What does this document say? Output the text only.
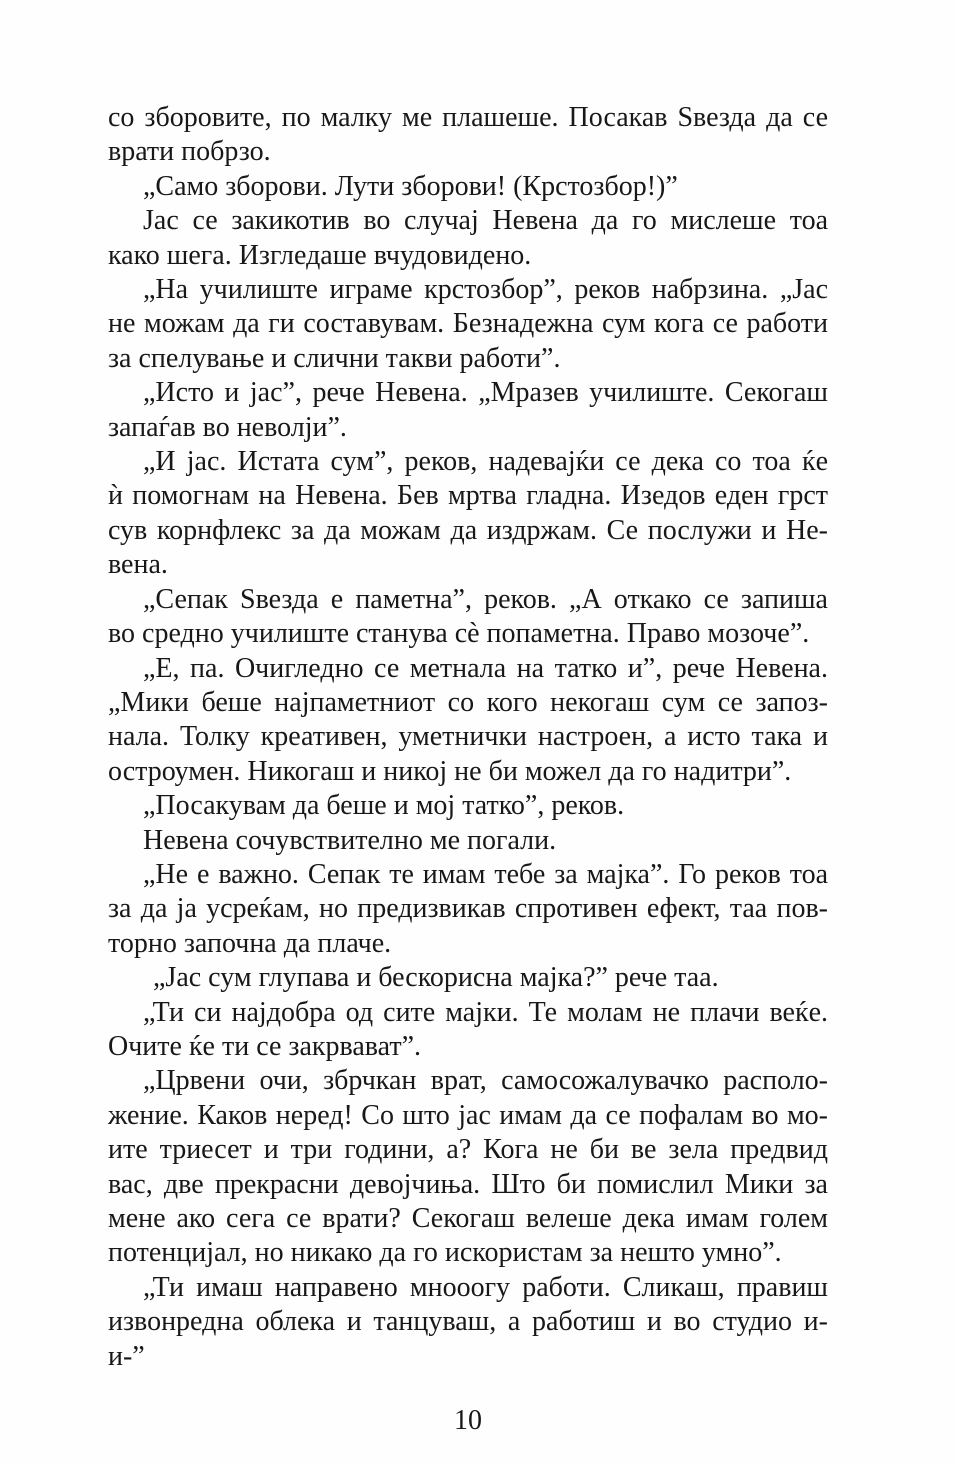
со зборовите, по малку ме плашеше. Посакав Ѕвезда да се
врати побрзо.
„Само зборови. Лути зборови! (Крстозбор!)”
Јас се закикотив во случај Невена да го мислеше тоа
како шега. Изгледаше вчудовидено.
„На училиште играме крстозбор”, реков набрзина. „Јас
не можам да ги составувам. Безнадежна сум кога се работи
за спелување и слични такви работи”.
„Исто и јас”, рече Невена. „Мразев училиште. Секогаш
запаѓав во неволји”.
„И јас. Истата сум”, реков, надевајќи се дека со тоа ќе
ѝ помогнам на Невена. Бев мртва гладна. Изедов еден грст
сув корнфлекс за да можам да издржам. Се послужи и Не-
вена.
„Сепак Ѕвезда е паметна”, реков. „А откако се запиша
во средно училиште станува сè попаметна. Право мозоче”.
„Е, па. Очигледно се метнала на татко и”, рече Невена.
„Мики беше најпаметниот со кого некогаш сум се запоз-
нала. Толку креативен, уметнички настроен, а исто така и
остроумен. Никогаш и никој не би можел да го надитри”.
„Посакувам да беше и мој татко”, реков.
Невена сочувствително ме погали.
„Не е важно. Сепак те имам тебе за мајка”. Го реков тоа
за да ја усреќам, но предизвикав спротивен ефект, таа пов-
торно започна да плаче.
„Јас сум глупава и бескорисна мајка?” рече таа.
„Ти си најдобра од сите мајки. Те молам не плачи веќе.
Очите ќе ти се закрвават”.
„Црвени очи, збрчкан врат, самосожалувачко располо-
жение. Каков неред! Со што јас имам да се пофалам во мо-
ите триесет и три години, а? Кога не би ве зела предвид
вас, две прекрасни девојчиња. Што би помислил Мики за
мене ако сега се врати? Секогаш велеше дека имам голем
потенцијал, но никако да го искористам за нешто умно”.
„Ти имаш направено мнооогу работи. Сликаш, правиш
извонредна облека и танцуваш, а работиш и во студио и-
и-”
10
